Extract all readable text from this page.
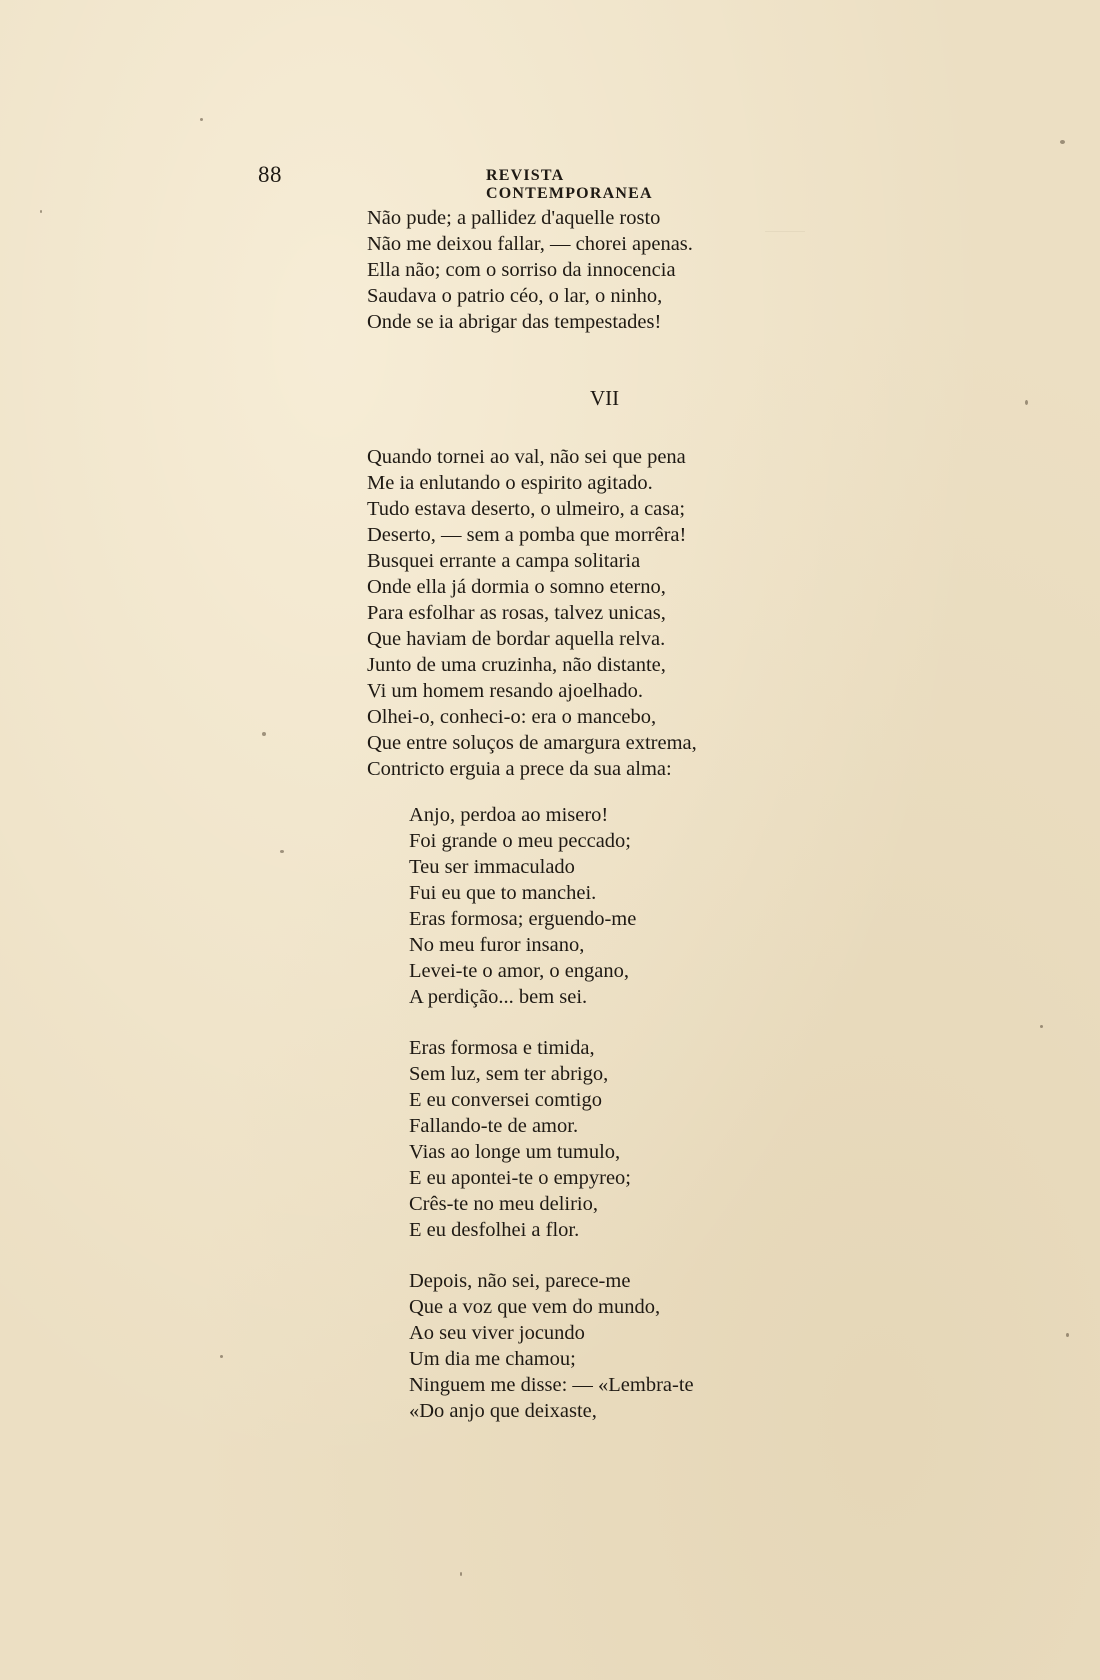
88	REVISTA CONTEMPORANEA
Não pude; a pallidez d'aquelle rosto
Não me deixou fallar, — chorei apenas.
Ella não; com o sorriso da innocencia
Saudava o patrio céo, o lar, o ninho,
Onde se ia abrigar das tempestades!
VII
Quando tornei ao val, não sei que pena
Me ia enlutando o espirito agitado.
Tudo estava deserto, o ulmeiro, a casa;
Deserto, — sem a pomba que morrêra!
Busquei errante a campa solitaria
Onde ella já dormia o somno eterno,
Para esfolhar as rosas, talvez unicas,
Que haviam de bordar aquella relva.
Junto de uma cruzinha, não distante,
Vi um homem resando ajoelhado.
Olhei-o, conheci-o: era o mancebo,
Que entre soluços de amargura extrema,
Contricto erguia a prece da sua alma:
Anjo, perdoa ao misero!
Foi grande o meu peccado;
Teu ser immaculado
Fui eu que to manchei.
Eras formosa; erguendo-me
No meu furor insano,
Levei-te o amor, o engano,
A perdição... bem sei.
Eras formosa e timida,
Sem luz, sem ter abrigo,
E eu conversei comtigo
Fallando-te de amor.
Vias ao longe um tumulo,
E eu apontei-te o empyreo;
Crês-te no meu delirio,
E eu desfolhei a flor.
Depois, não sei, parece-me
Que a voz que vem do mundo,
Ao seu viver jocundo
Um dia me chamou;
Ninguem me disse: — «Lembra-te
«Do anjo que deixaste,
